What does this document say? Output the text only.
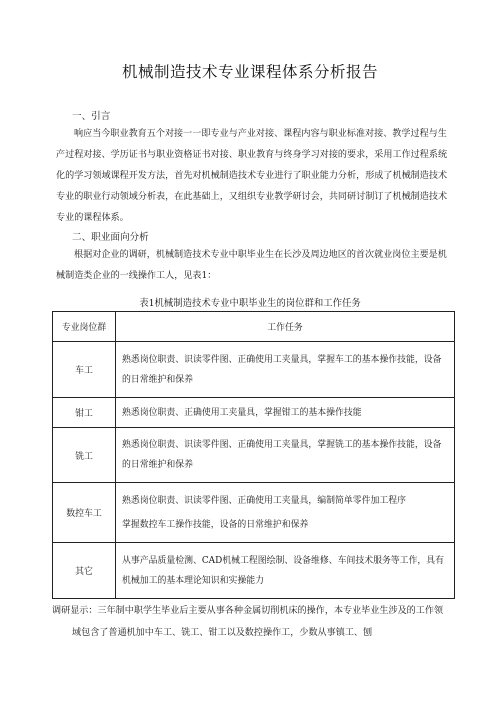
机械制造技术专业课程体系分析报告
一、引言
响应当今职业教育五个对接一一即专业与产业对接、课程内容与职业标准对接、教学过程与生
产过程对接、学历证书与职业资格证书对接、职业教育与终身学习对接的要求，采用工作过程系统
化的学习领域课程开发方法，首先对机械制造技术专业进行了职业能力分析，形成了机械制造技术
专业的职业行动领域分析表，在此基础上，又组织专业教学研讨会，共同研讨制订了机械制造技术
专业的课程体系。
二、职业面向分析
根据对企业的调研，机械制造技术专业中职毕业生在长沙及周边地区的首次就业岗位主要是机
械制造类企业的一线操作工人，见表1：
表1机械制造技术专业中职毕业生的岗位群和工作任务
专业岗位群	工作任务
车工	熟悉岗位职责、识读零件图、正确使用工夹量具，掌握车工的基本操作技能，设备
的日常维护和保养

钳工	熟悉岗位职责、正确使用工夹量具，掌握钳工的基本操作技能

铣工	熟悉岗位职责、识读零件图、正确使用工夹量具，掌握铣工的基本操作技能，设备
的日常维护和保养

数控车工	熟悉岗位职责、识读零件图、正确使用工夹量具，编制简单零件加工程序
掌握数控车工操作技能，设备的日常维护和保养

其它	从事产品质量检测、CAD机械工程图绘制、设备维修、车间技术服务等工作，具有
机械加工的基本理论知识和实操能力
调研显示：三年制中职学生毕业后主要从事各种金属切削机床的操作，本专业毕业生涉及的工作领
域包含了普通机加中车工、铣工、钳工以及数控操作工，少数从事镇工、刨
